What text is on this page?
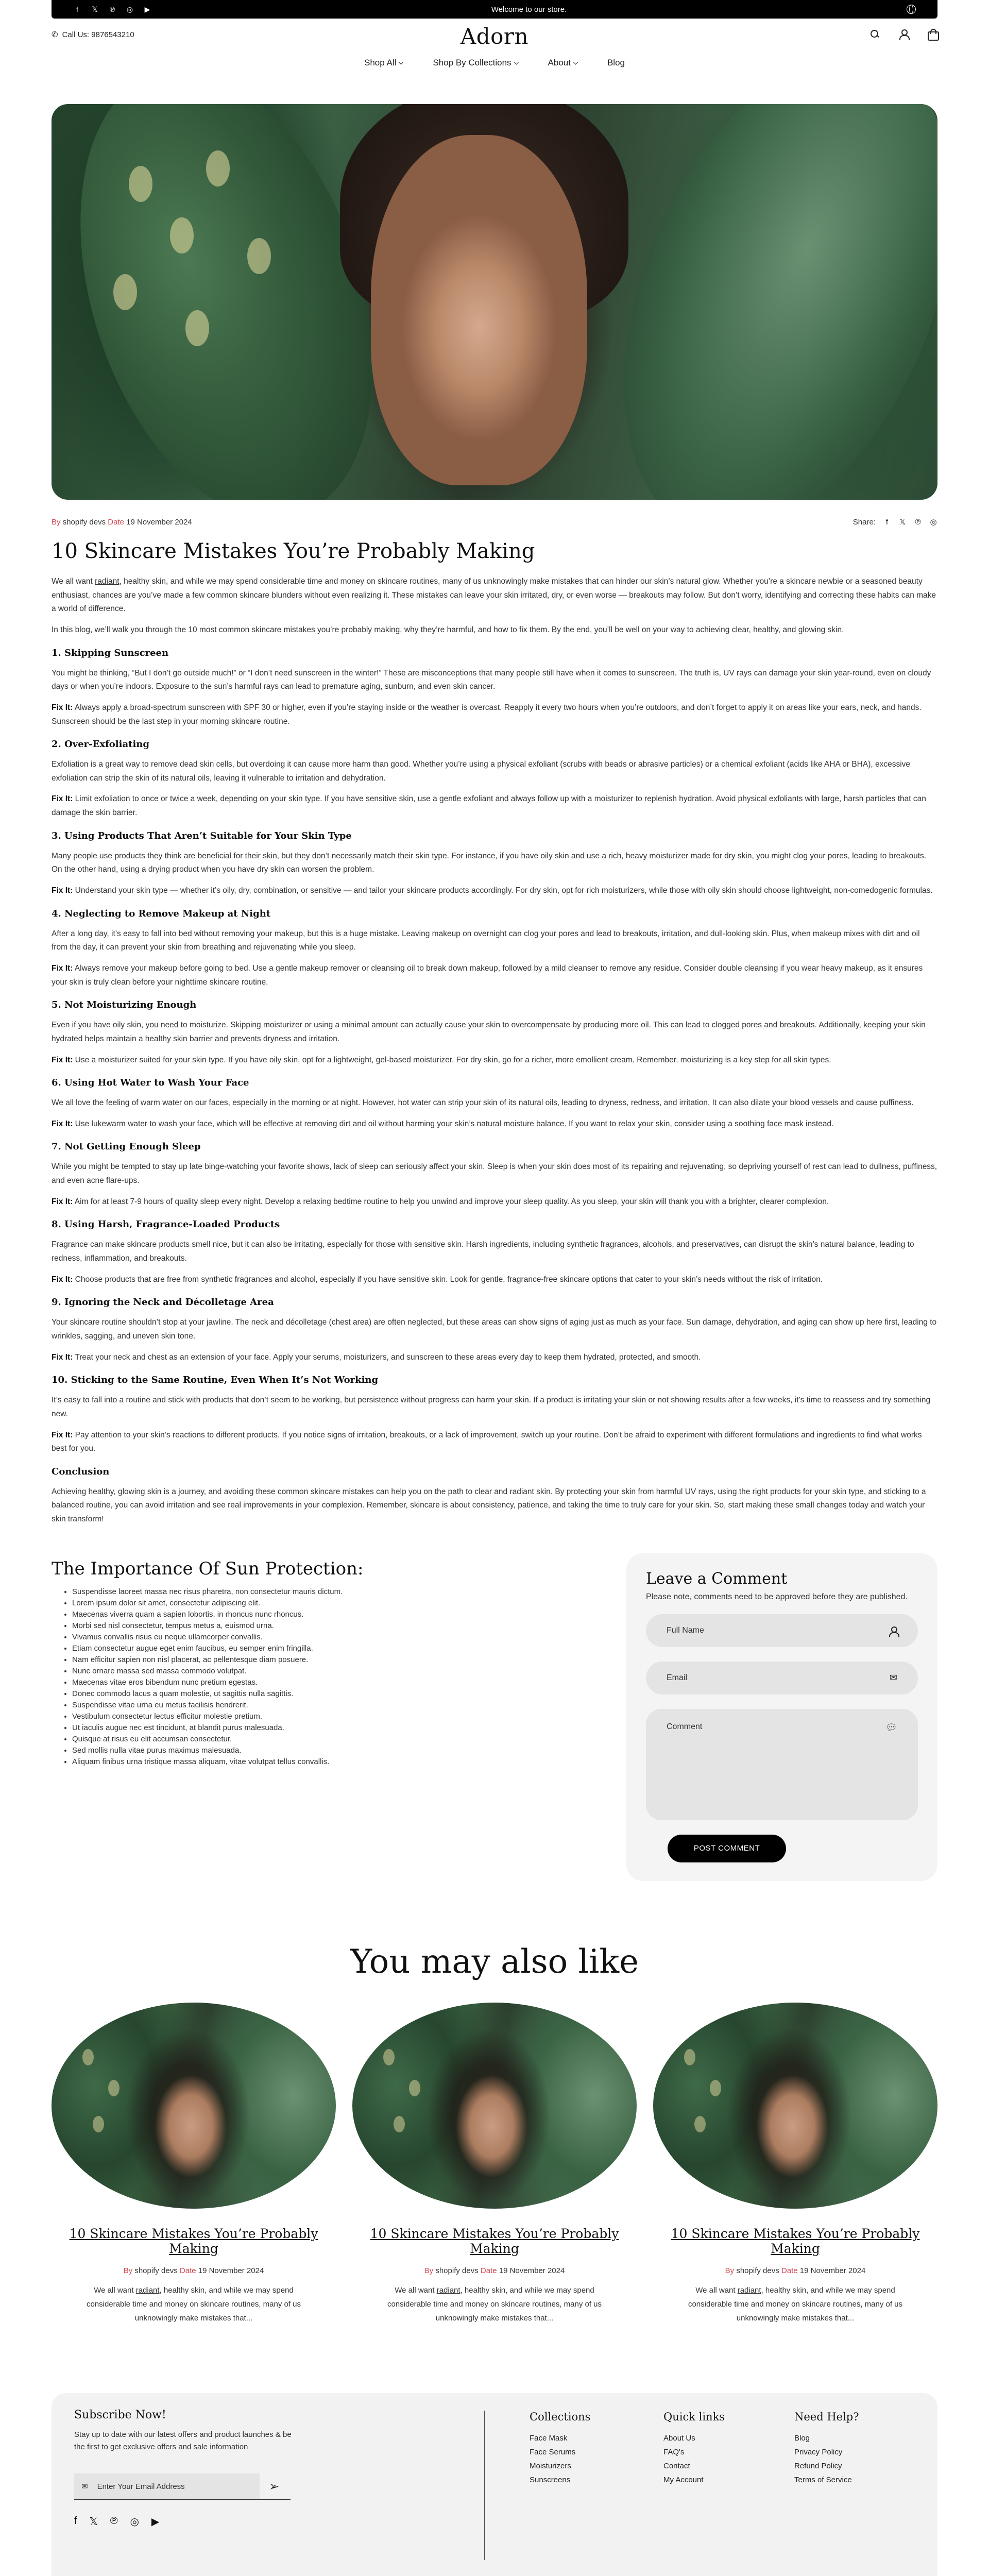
f	𝕏 ℗ ◎ ▶	Welcome to our store.
✆ Call Us: 9876543210	Adorn
Shop All	Shop By Collections	About	Blog
By shopify devs Date 19 November 2024	Share:	f	𝕏 ℗ ◎
10 Skincare Mistakes You’re Probably Making

We all want radiant, healthy skin, and while we may spend considerable time and money on skincare routines, many of us unknowingly make mistakes that can hinder our skin’s natural glow. Whether you’re a skincare newbie or a seasoned beauty enthusiast, chances are you’ve made a few common skincare blunders without even realizing it. These mistakes can leave your skin irritated, dry, or even worse — breakouts may follow. But don’t worry, identifying and correcting these habits can make a world of difference.

In this blog, we’ll walk you through the 10 most common skincare mistakes you’re probably making, why they’re harmful, and how to fix them. By the end, you’ll be well on your way to achieving clear, healthy, and glowing skin.

1. Skipping Sunscreen

You might be thinking, “But I don’t go outside much!” or “I don’t need sunscreen in the winter!” These are misconceptions that many people still have when it comes to sunscreen. The truth is, UV rays can damage your skin year-round, even on cloudy days or when you’re indoors. Exposure to the sun’s harmful rays can lead to premature aging, sunburn, and even skin cancer.

Fix It: Always apply a broad-spectrum sunscreen with SPF 30 or higher, even if you’re staying inside or the weather is overcast. Reapply it every two hours when you’re outdoors, and don’t forget to apply it on areas like your ears, neck, and hands. Sunscreen should be the last step in your morning skincare routine.

2. Over-Exfoliating

Exfoliation is a great way to remove dead skin cells, but overdoing it can cause more harm than good. Whether you’re using a physical exfoliant (scrubs with beads or abrasive particles) or a chemical exfoliant (acids like AHA or BHA), excessive exfoliation can strip the skin of its natural oils, leaving it vulnerable to irritation and dehydration.

Fix It: Limit exfoliation to once or twice a week, depending on your skin type. If you have sensitive skin, use a gentle exfoliant and always follow up with a moisturizer to replenish hydration. Avoid physical exfoliants with large, harsh particles that can damage the skin barrier.

3. Using Products That Aren’t Suitable for Your Skin Type

Many people use products they think are beneficial for their skin, but they don’t necessarily match their skin type. For instance, if you have oily skin and use a rich, heavy moisturizer made for dry skin, you might clog your pores, leading to breakouts. On the other hand, using a drying product when you have dry skin can worsen the problem.

Fix It: Understand your skin type — whether it’s oily, dry, combination, or sensitive — and tailor your skincare products accordingly. For dry skin, opt for rich moisturizers, while those with oily skin should choose lightweight, non-comedogenic formulas.

4. Neglecting to Remove Makeup at Night

After a long day, it’s easy to fall into bed without removing your makeup, but this is a huge mistake. Leaving makeup on overnight can clog your pores and lead to breakouts, irritation, and dull-looking skin. Plus, when makeup mixes with dirt and oil from the day, it can prevent your skin from breathing and rejuvenating while you sleep.

Fix It: Always remove your makeup before going to bed. Use a gentle makeup remover or cleansing oil to break down makeup, followed by a mild cleanser to remove any residue. Consider double cleansing if you wear heavy makeup, as it ensures your skin is truly clean before your nighttime skincare routine.

5. Not Moisturizing Enough

Even if you have oily skin, you need to moisturize. Skipping moisturizer or using a minimal amount can actually cause your skin to overcompensate by producing more oil. This can lead to clogged pores and breakouts. Additionally, keeping your skin hydrated helps maintain a healthy skin barrier and prevents dryness and irritation.

Fix It: Use a moisturizer suited for your skin type. If you have oily skin, opt for a lightweight, gel-based moisturizer. For dry skin, go for a richer, more emollient cream. Remember, moisturizing is a key step for all skin types.

6. Using Hot Water to Wash Your Face

We all love the feeling of warm water on our faces, especially in the morning or at night. However, hot water can strip your skin of its natural oils, leading to dryness, redness, and irritation. It can also dilate your blood vessels and cause puffiness.

Fix It: Use lukewarm water to wash your face, which will be effective at removing dirt and oil without harming your skin’s natural moisture balance. If you want to relax your skin, consider using a soothing face mask instead.

7. Not Getting Enough Sleep

While you might be tempted to stay up late binge-watching your favorite shows, lack of sleep can seriously affect your skin. Sleep is when your skin does most of its repairing and rejuvenating, so depriving yourself of rest can lead to dullness, puffiness, and even acne flare-ups.

Fix It: Aim for at least 7-9 hours of quality sleep every night. Develop a relaxing bedtime routine to help you unwind and improve your sleep quality. As you sleep, your skin will thank you with a brighter, clearer complexion.

8. Using Harsh, Fragrance-Loaded Products

Fragrance can make skincare products smell nice, but it can also be irritating, especially for those with sensitive skin. Harsh ingredients, including synthetic fragrances, alcohols, and preservatives, can disrupt the skin’s natural balance, leading to redness, inflammation, and breakouts.

Fix It: Choose products that are free from synthetic fragrances and alcohol, especially if you have sensitive skin. Look for gentle, fragrance-free skincare options that cater to your skin’s needs without the risk of irritation.

9. Ignoring the Neck and Décolletage Area

Your skincare routine shouldn’t stop at your jawline. The neck and décolletage (chest area) are often neglected, but these areas can show signs of aging just as much as your face. Sun damage, dehydration, and aging can show up here first, leading to wrinkles, sagging, and uneven skin tone.

Fix It: Treat your neck and chest as an extension of your face. Apply your serums, moisturizers, and sunscreen to these areas every day to keep them hydrated, protected, and smooth.

10. Sticking to the Same Routine, Even When It’s Not Working

It’s easy to fall into a routine and stick with products that don’t seem to be working, but persistence without progress can harm your skin. If a product is irritating your skin or not showing results after a few weeks, it’s time to reassess and try something new.

Fix It: Pay attention to your skin’s reactions to different products. If you notice signs of irritation, breakouts, or a lack of improvement, switch up your routine. Don’t be afraid to experiment with different formulations and ingredients to find what works best for you.

Conclusion

Achieving healthy, glowing skin is a journey, and avoiding these common skincare mistakes can help you on the path to clear and radiant skin. By protecting your skin from harmful UV rays, using the right products for your skin type, and sticking to a balanced routine, you can avoid irritation and see real improvements in your complexion. Remember, skincare is about consistency, patience, and taking the time to truly care for your skin. So, start making these small changes today and watch your skin transform!

The Importance Of Sun Protection:
• Suspendisse laoreet massa nec risus pharetra, non consectetur mauris dictum.
• Lorem ipsum dolor sit amet, consectetur adipiscing elit.
• Maecenas viverra quam a sapien lobortis, in rhoncus nunc rhoncus.
• Morbi sed nisl consectetur, tempus metus a, euismod urna.
• Vivamus convallis risus eu neque ullamcorper convallis.
• Etiam consectetur augue eget enim faucibus, eu semper enim fringilla.
• Nam efficitur sapien non nisl placerat, ac pellentesque diam posuere.
• Nunc ornare massa sed massa commodo volutpat.
• Maecenas vitae eros bibendum nunc pretium egestas.
• Donec commodo lacus a quam molestie, ut sagittis nulla sagittis.
• Suspendisse vitae urna eu metus facilisis hendrerit.
• Vestibulum consectetur lectus efficitur molestie pretium.
• Ut iaculis augue nec est tincidunt, at blandit purus malesuada.
• Quisque at risus eu elit accumsan consectetur.
• Sed mollis nulla vitae purus maximus malesuada.
• Aliquam finibus urna tristique massa aliquam, vitae volutpat tellus convallis.
Leave a Comment
Please note, comments need to be approved before they are published.
Full Name
Email	✉
Comment	💬︎
POST COMMENT
You may also like
10 Skincare Mistakes You’re Probably Making
By shopify devs Date 19 November 2024
We all want radiant, healthy skin, and while we may spend considerable time and money on skincare routines, many of us unknowingly make mistakes that...
10 Skincare Mistakes You’re Probably Making
By shopify devs Date 19 November 2024
We all want radiant, healthy skin, and while we may spend considerable time and money on skincare routines, many of us unknowingly make mistakes that...
10 Skincare Mistakes You’re Probably Making
By shopify devs Date 19 November 2024
We all want radiant, healthy skin, and while we may spend considerable time and money on skincare routines, many of us unknowingly make mistakes that...
Subscribe Now!

Stay up to date with our latest offers and product launches & be the first to get exclusive offers and sale information

✉ Enter Your Email Address	➢
f 𝕏 ℗ ◎ ▶
Collections
Face Mask
Face Serums
Moisturizers
Sunscreens
Quick links
About Us
FAQ's
Contact
My Account
Need Help?
Blog
Privacy Policy
Refund Policy
Terms of Service
